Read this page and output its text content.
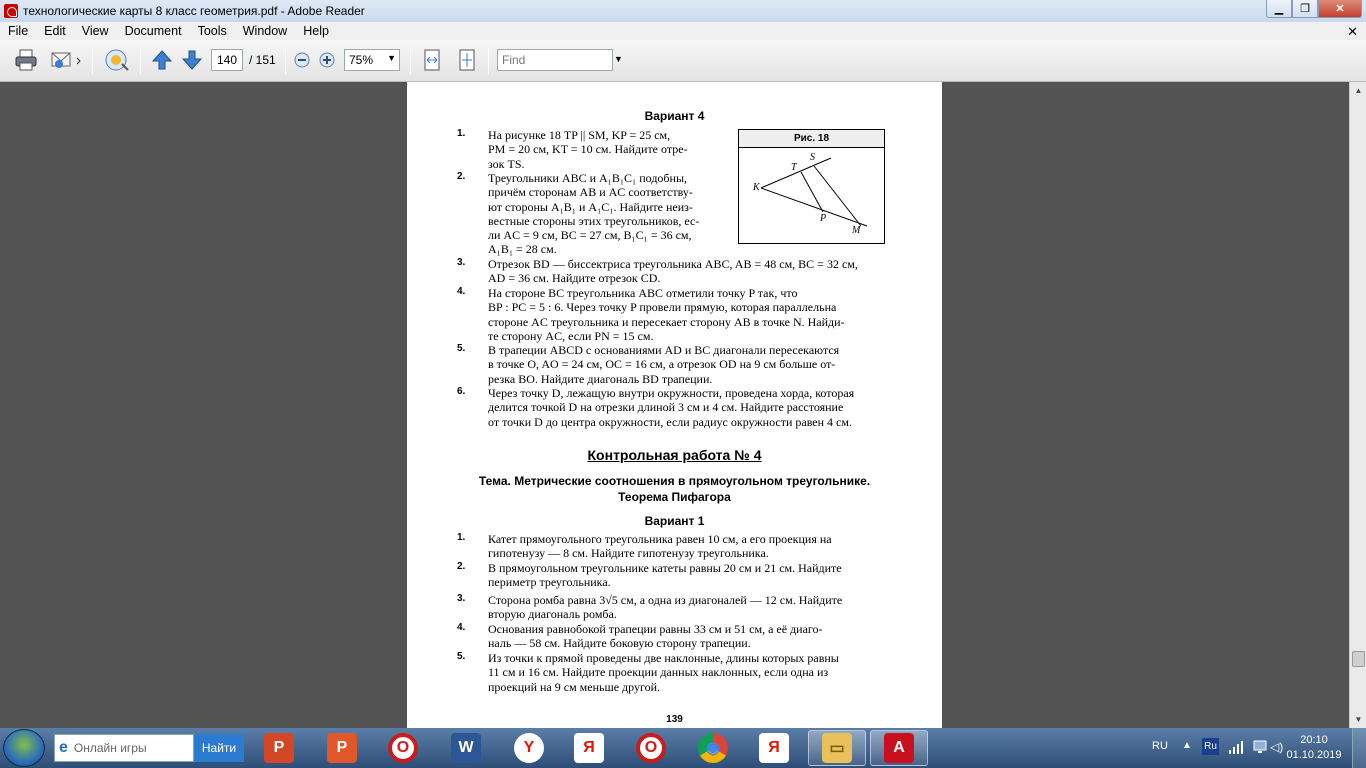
технологические карты 8 класс геометрия.pdf - Adobe Reader	▁	❐	✕
File	Edit	View	Document	Tools	Window	Help	✕
140 / 151	75% ▼	Find	▼
▲
▼
Вариант 4
Рис. 18
K
T
S
P
M
1. На рисунке 18 TP || SM, KP = 25 см,
PM = 20 см, KT = 10 см. Найдите отре-
зок TS.
2. Треугольники ABC и A₁B₁C₁ подобны,
причём сторонам AB и AC соответству-
ют стороны A₁B₁ и A₁C₁. Найдите неиз-
вестные стороны этих треугольников, ес-
ли AC = 9 см, BC = 27 см, B₁C₁ = 36 см,
A₁B₁ = 28 см.
3. Отрезок BD — биссектриса треугольника ABC, AB = 48 см, BC = 32 см,
AD = 36 см. Найдите отрезок CD.
4. На стороне BC треугольника ABC отметили точку P так, что
BP : PC = 5 : 6. Через точку P провели прямую, которая параллельна
стороне AC треугольника и пересекает сторону AB в точке N. Найди-
те сторону AC, если PN = 15 см.
5. В трапеции ABCD с основаниями AD и BC диагонали пересекаются
в точке O, AO = 24 см, OC = 16 см, а отрезок OD на 9 см больше от-
резка BO. Найдите диагональ BD трапеции.
6. Через точку D, лежащую внутри окружности, проведена хорда, которая
делится точкой D на отрезки длиной 3 см и 4 см. Найдите расстояние
от точки D до центра окружности, если радиус окружности равен 4 см.
Контрольная работа № 4
Тема. Метрические соотношения в прямоугольном треугольнике.
Теорема Пифагора
Вариант 1
1. Катет прямоугольного треугольника равен 10 см, а его проекция на
гипотенузу — 8 см. Найдите гипотенузу треугольника.
2. В прямоугольном треугольнике катеты равны 20 см и 21 см. Найдите
периметр треугольника.
3. Сторона ромба равна 3√5 см, а одна из диагоналей — 12 см. Найдите
вторую диагональ ромба.
4. Основания равнобокой трапеции равны 33 см и 51 см, а её диаго-
наль — 58 см. Найдите боковую сторону трапеции.
5. Из точки к прямой проведены две наклонные, длины которых равны
11 см и 16 см. Найдите проекции данных наклонных, если одна из
проекций на 9 см меньше другой.
139
e Онлайн игры	Найти	P	P	O	W	Y	Я	O	◉	Я	▭	A	RU ▲ Ru	◁)	20:10
01.10.2019
